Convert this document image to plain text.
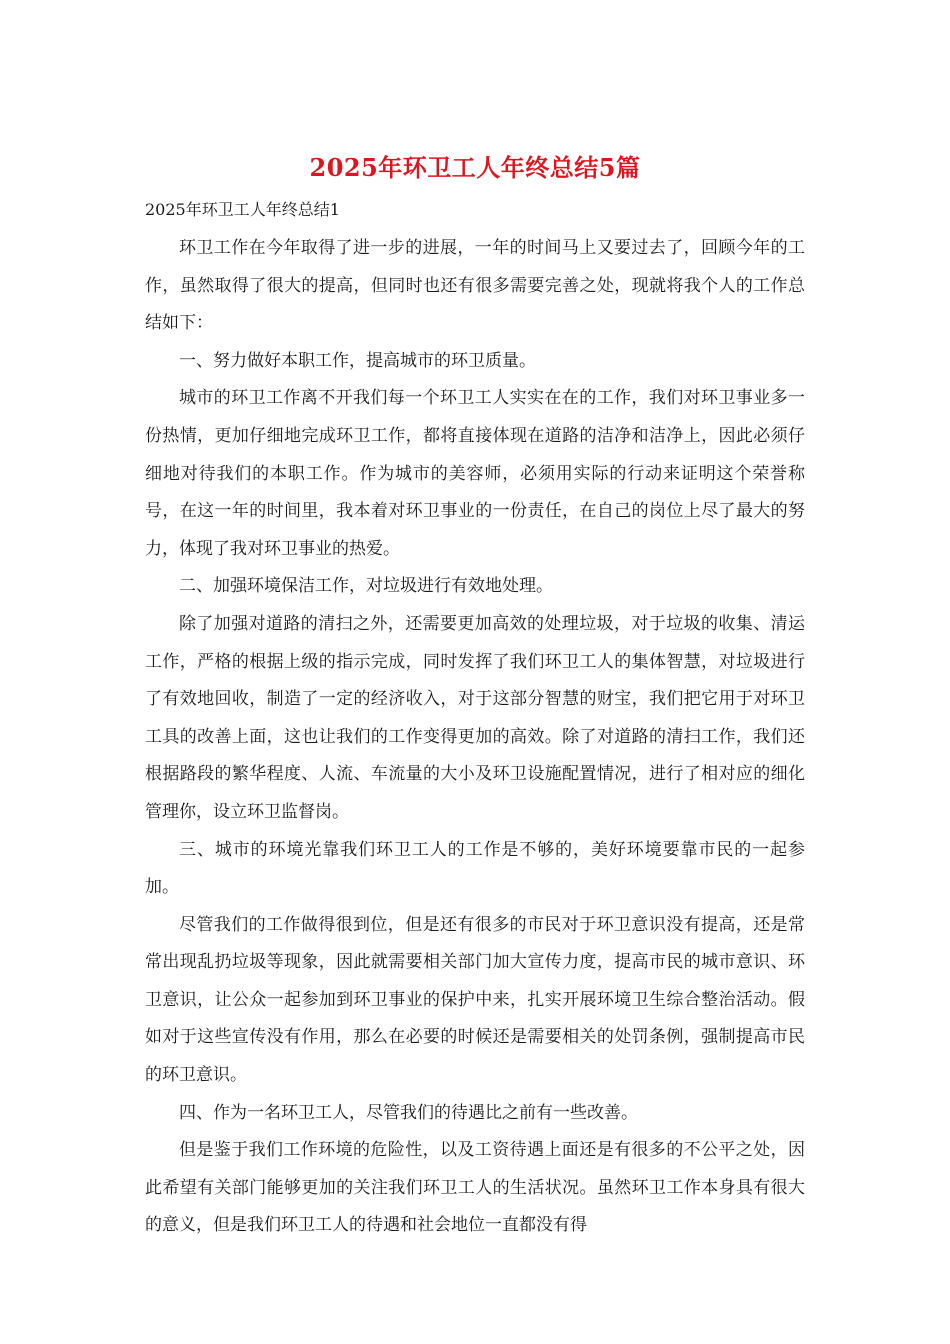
2025年环卫工人年终总结5篇
2025年环卫工人年终总结1

环卫工作在今年取得了进一步的进展，一年的时间马上又要过去了，回顾今年的工作，虽然取得了很大的提高，但同时也还有很多需要完善之处，现就将我个人的工作总结如下：

一、努力做好本职工作，提高城市的环卫质量。

城市的环卫工作离不开我们每一个环卫工人实实在在的工作，我们对环卫事业多一份热情，更加仔细地完成环卫工作，都将直接体现在道路的洁净和洁净上，因此必须仔细地对待我们的本职工作。作为城市的美容师，必须用实际的行动来证明这个荣誉称号，在这一年的时间里，我本着对环卫事业的一份责任，在自己的岗位上尽了最大的努力，体现了我对环卫事业的热爱。

二、加强环境保洁工作，对垃圾进行有效地处理。

除了加强对道路的清扫之外，还需要更加高效的处理垃圾，对于垃圾的收集、清运工作，严格的根据上级的指示完成，同时发挥了我们环卫工人的集体智慧，对垃圾进行了有效地回收，制造了一定的经济收入，对于这部分智慧的财宝，我们把它用于对环卫工具的改善上面，这也让我们的工作变得更加的高效。除了对道路的清扫工作，我们还根据路段的繁华程度、人流、车流量的大小及环卫设施配置情况，进行了相对应的细化管理你，设立环卫监督岗。

三、城市的环境光靠我们环卫工人的工作是不够的，美好环境要靠市民的一起参加。

尽管我们的工作做得很到位，但是还有很多的市民对于环卫意识没有提高，还是常常出现乱扔垃圾等现象，因此就需要相关部门加大宣传力度，提高市民的城市意识、环卫意识，让公众一起参加到环卫事业的保护中来，扎实开展环境卫生综合整治活动。假如对于这些宣传没有作用，那么在必要的时候还是需要相关的处罚条例，强制提高市民的环卫意识。

四、作为一名环卫工人，尽管我们的待遇比之前有一些改善。

但是鉴于我们工作环境的危险性，以及工资待遇上面还是有很多的不公平之处，因此希望有关部门能够更加的关注我们环卫工人的生活状况。虽然环卫工作本身具有很大的意义，但是我们环卫工人的待遇和社会地位一直都没有得
